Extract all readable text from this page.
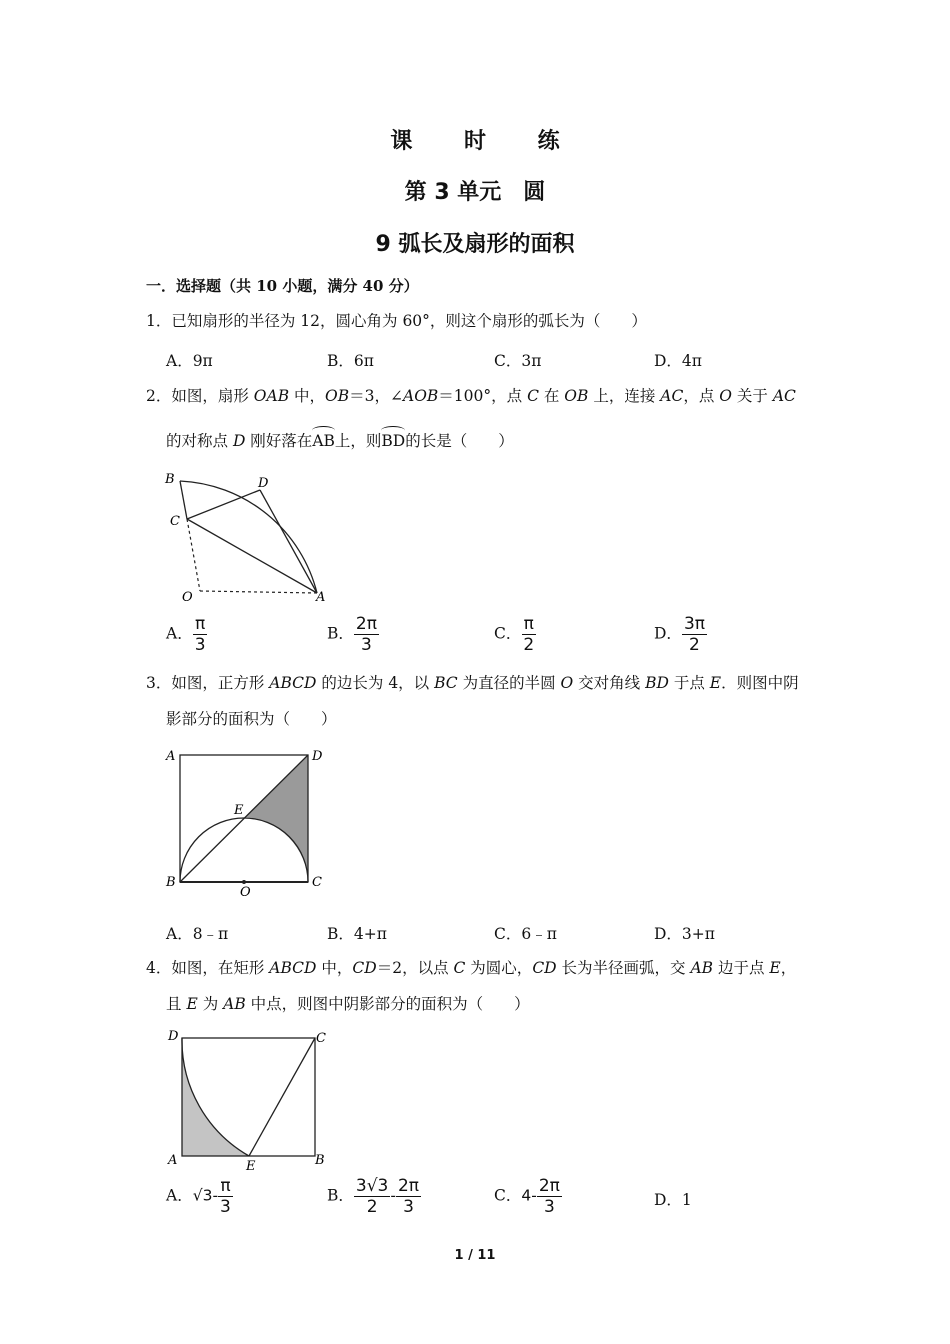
课 时 练
第 3 单元　圆
9 弧长及扇形的面积
一．选择题（共 10 小题，满分 40 分）
1．已知扇形的半径为 12，圆心角为 60°，则这个扇形的弧长为（　　）
A．9π	B．6π	C．3π	D．4π
2．如图，扇形 OAB 中，OB＝3，∠AOB＝100°，点 C 在 OB 上，连接 AC，点 O 关于 AC
的对称点 D 刚好落在AB上，则BD的长是（　　）
B	D
C
O	A
A． $\frac{\pi}{3}$	B． $\frac{2\pi}{3}$	C． $\frac{\pi}{2}$	D． $\frac{3\pi}{2}$
3．如图，正方形 ABCD 的边长为 4，以 BC 为直径的半圆 O 交对角线 BD 于点 E．则图中阴
影部分的面积为（　　）
A	D
E
B
O
C
A．8﹣π	B．4+π	C．6﹣π	D．3+π
4．如图，在矩形 ABCD 中，CD＝2，以点 C 为圆心，CD 长为半径画弧，交 AB 边于点 E，
且 E 为 AB 中点，则图中阴影部分的面积为（　　）
D	C
A	E	B
A．$√3- \frac{\pi}{3}$	B． $\frac{3√3}{2} - \frac{2\pi}{3}$	C．$4- \frac{2\pi}{3}$	D．1
1 / 11
